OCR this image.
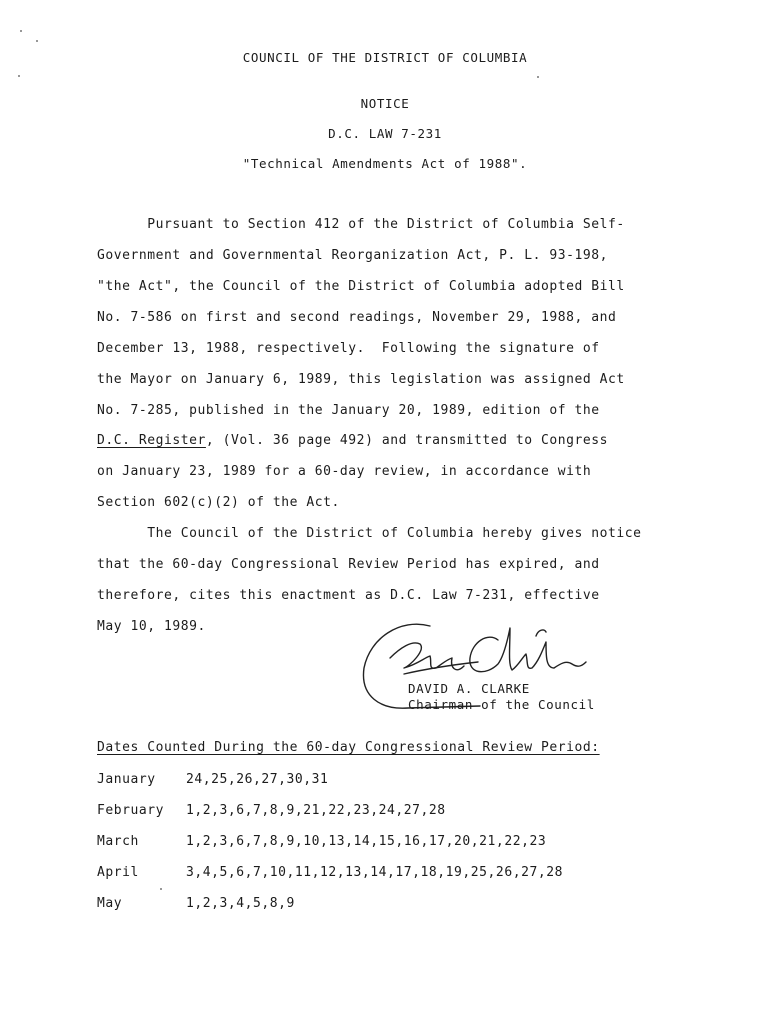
COUNCIL OF THE DISTRICT OF COLUMBIA
NOTICE
D.C. LAW 7-231
"Technical Amendments Act of 1988".
Pursuant to Section 412 of the District of Columbia Self-
Government and Governmental Reorganization Act, P. L. 93-198,
"the Act", the Council of the District of Columbia adopted Bill
No. 7-586 on first and second readings, November 29, 1988, and
December 13, 1988, respectively.  Following the signature of
the Mayor on January 6, 1989, this legislation was assigned Act
No. 7-285, published in the January 20, 1989, edition of the
D.C. Register, (Vol. 36 page 492) and transmitted to Congress
on January 23, 1989 for a 60-day review, in accordance with
Section 602(c)(2) of the Act.
The Council of the District of Columbia hereby gives notice
that the 60-day Congressional Review Period has expired, and
therefore, cites this enactment as D.C. Law 7-231, effective
May 10, 1989.
DAVID A. CLARKE
Chairman of the Council
Dates Counted During the 60-day Congressional Review Period:
January 24,25,26,27,30,31
February 1,2,3,6,7,8,9,21,22,23,24,27,28
March	1,2,3,6,7,8,9,10,13,14,15,16,17,20,21,22,23
April	3,4,5,6,7,10,11,12,13,14,17,18,19,25,26,27,28
May	1,2,3,4,5,8,9
